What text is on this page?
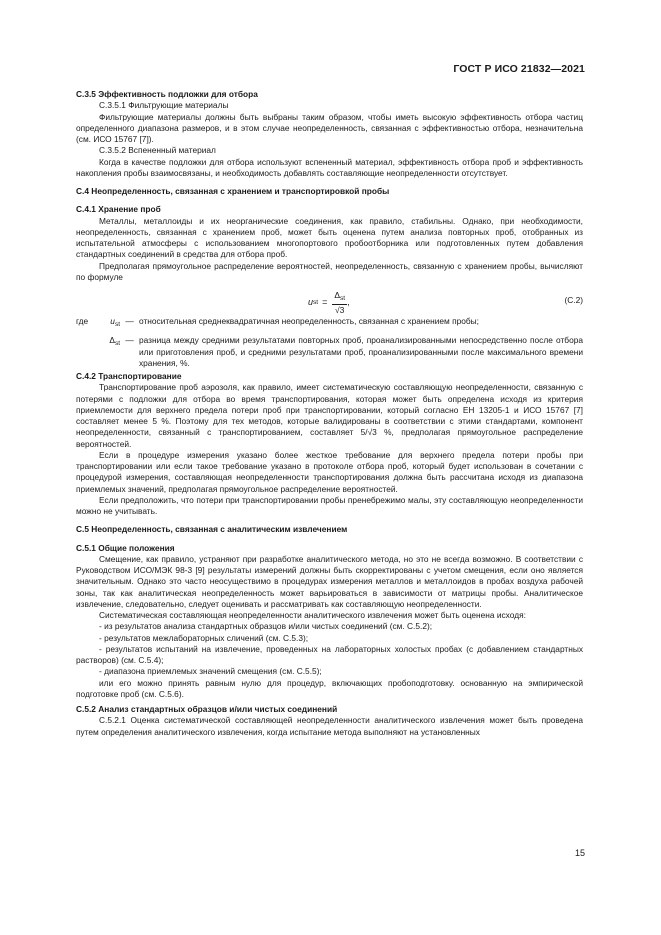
ГОСТ Р ИСО 21832—2021

С.3.5 Эффективность подложки для отбора

С.3.5.1 Фильтрующие материалы

Фильтрующие материалы должны быть выбраны таким образом, чтобы иметь высокую эффективность отбора частиц определенного диапазона размеров, и в этом случае неопределенность, связанная с эффективностью отбора, незначительна (см. ИСО 15767 [7]).

С.3.5.2 Вспененный материал

Когда в качестве подложки для отбора используют вспененный материал, эффективность отбора проб и эффективность накопления пробы взаимосвязаны, и необходимость добавлять составляющие неопределенности отсутствует.

С.4 Неопределенность, связанная с хранением и транспортировкой пробы

С.4.1 Хранение проб

Металлы, металлоиды и их неорганические соединения, как правило, стабильны. Однако, при необходимости, неопределенность, связанная с хранением проб, может быть оценена путем анализа повторных проб, отобранных из испытательной атмосферы с использованием многопортового пробоотборника или подготовленных путем добавления стандартных соединений в средства для отбора проб.

Предполагая прямоугольное распределение вероятностей, неопределенность, связанную с хранением пробы, вычисляют по формуле

u st = $\frac{\Delta_{st}}{√3}$ ,	(С.2)
где	$u_{st}$ — относительная среднеквадратичная неопределенность, связанная с хранением пробы;
$\Delta_{st}$ — разница между средними результатами повторных проб, проанализированными непосредственно после отбора или приготовления проб, и средними результатами проб, проанализированными после максимального времени хранения, %.

С.4.2 Транспортирование

Транспортирование проб аэрозоля, как правило, имеет систематическую составляющую неопределенности, связанную с потерями с подложки для отбора во время транспортирования, которая может быть определена исходя из критерия приемлемости для верхнего предела потери проб при транспортировании, который согласно ЕН 13205-1 и ИСО 15767 [7] составляет менее 5 %. Поэтому для тех методов, которые валидированы в соответствии с этими стандартами, компонент неопределенности, связанный с транспортированием, составляет 5/√3 %, предполагая прямоугольное распределение вероятностей.

Если в процедуре измерения указано более жесткое требование для верхнего предела потери пробы при транспортировании или если такое требование указано в протоколе отбора проб, который будет использован в сочетании с процедурой измерения, составляющая неопределенности транспортирования должна быть рассчитана исходя из диапазона приемлемых значений, предполагая прямоугольное распределение вероятностей.

Если предположить, что потери при транспортировании пробы пренебрежимо малы, эту составляющую неопределенности можно не учитывать.

С.5 Неопределенность, связанная с аналитическим извлечением

С.5.1 Общие положения

Смещение, как правило, устраняют при разработке аналитического метода, но это не всегда возможно. В соответствии с Руководством ИСО/МЭК 98-3 [9] результаты измерений должны быть скорректированы с учетом смещения, если оно является значительным. Однако это часто неосуществимо в процедурах измерения металлов и металлоидов в пробах воздуха рабочей зоны, так как аналитическая неопределенность может варьироваться в зависимости от матрицы пробы. Аналитическое извлечение, следовательно, следует оценивать и рассматривать как составляющую неопределенности.

Систематическая составляющая неопределенности аналитического извлечения может быть оценена исходя:

- из результатов анализа стандартных образцов и/или чистых соединений (см. С.5.2);

- результатов межлабораторных сличений (см. С.5.3);

- результатов испытаний на извлечение, проведенных на лабораторных холостых пробах (с добавлением стандартных растворов) (см. С.5.4);

- диапазона приемлемых значений смещения (см. С.5.5);

или его можно принять равным нулю для процедур, включающих пробоподготовку. основанную на эмпирической подготовке проб (см. С.5.6).

С.5.2 Анализ стандартных образцов и/или чистых соединений

С.5.2.1 Оценка систематической составляющей неопределенности аналитического извлечения может быть проведена путем определения аналитического извлечения, когда испытание метода выполняют на установленных

15
